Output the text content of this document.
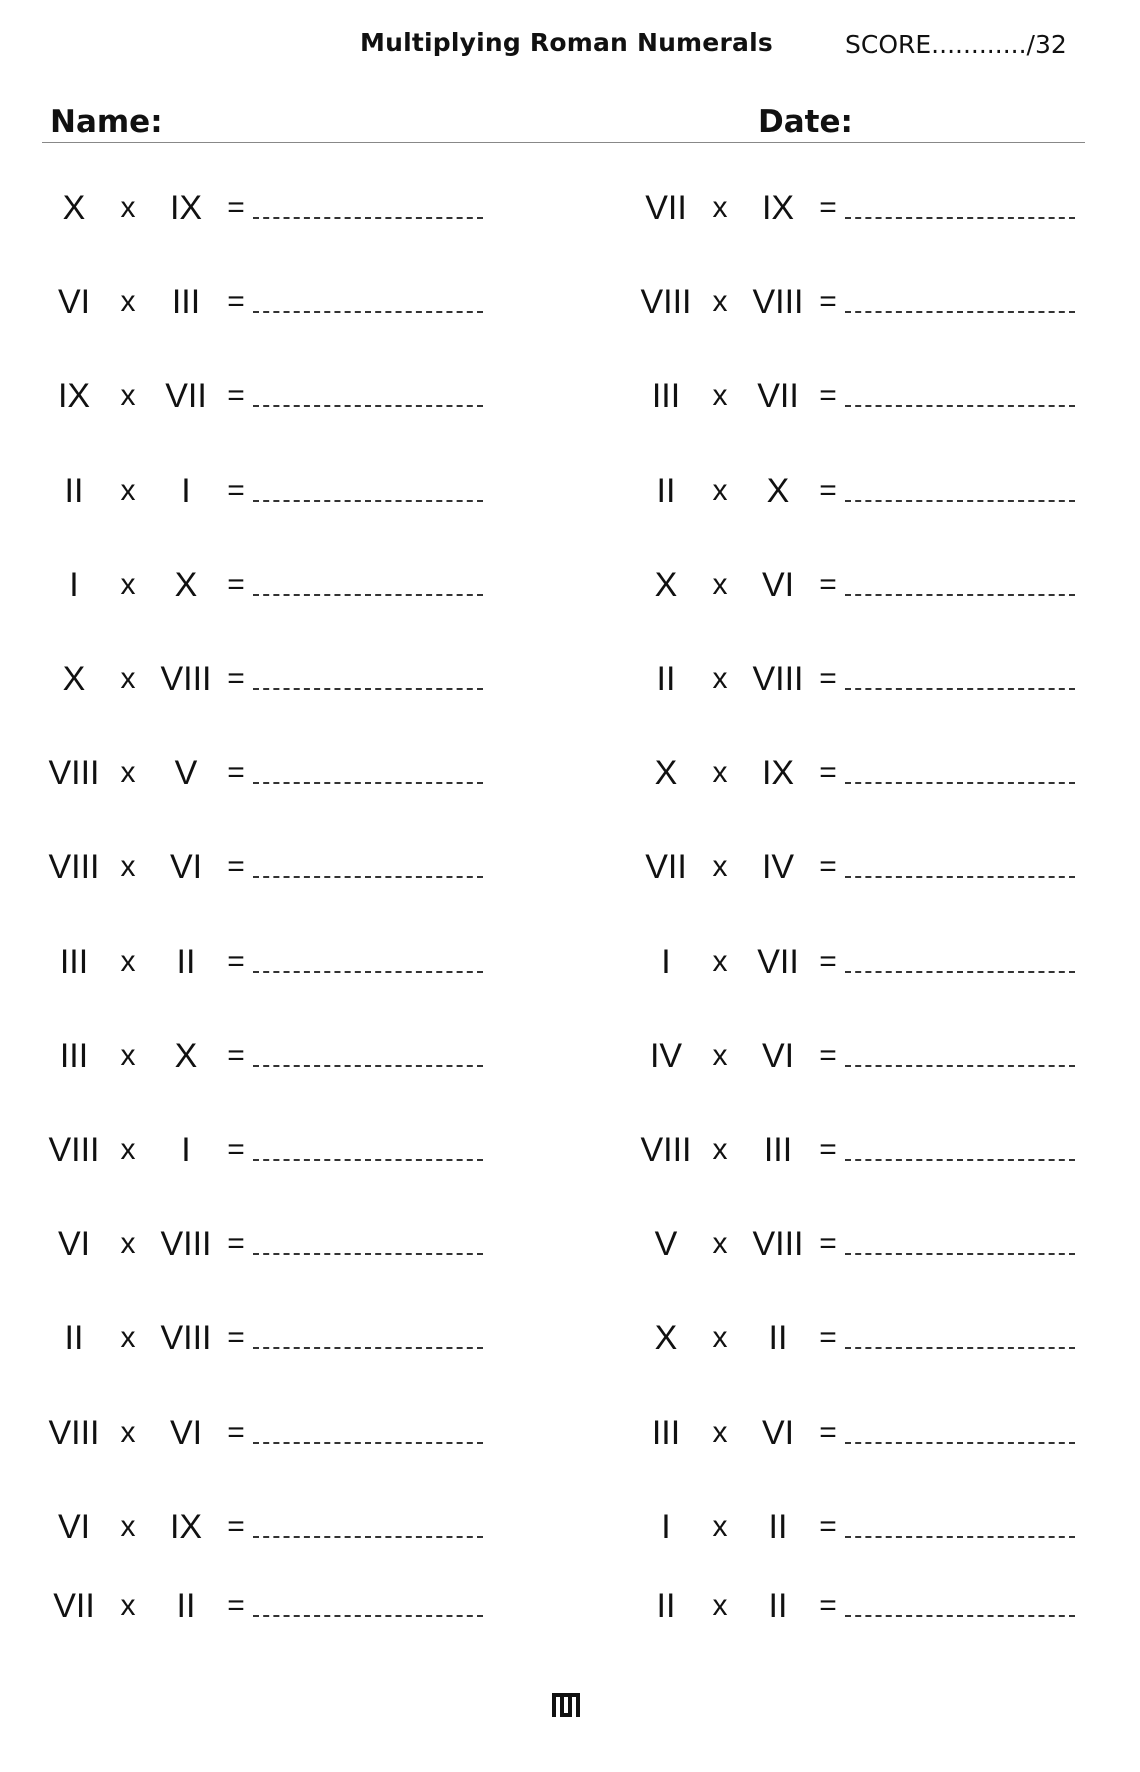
Multiplying Roman Numerals	SCORE............/32
Name:	Date:
X	x	IX =
VI	x	III =
IX	x VII =
II	x	I	=
I	x	X =
X	x VIII =
VIII x	V =
VIII x	VI =
III	x	II	=
III	x	X =
VIII x	I	=
VI	x VIII =
II	x VIII =
VIII x	VI =
VI	x	IX =
VII x	II	=
VII x	IX =
VIII x VIII =
III	x VII =
II	x	X =
X	x	VI =
II	x VIII =
X	x	IX =
VII x	IV =
I	x VII =
IV	x	VI =
VIII x	III =
V	x VIII =
X	x	II	=
III	x	VI =
I	x	II	=
II	x	II	=
